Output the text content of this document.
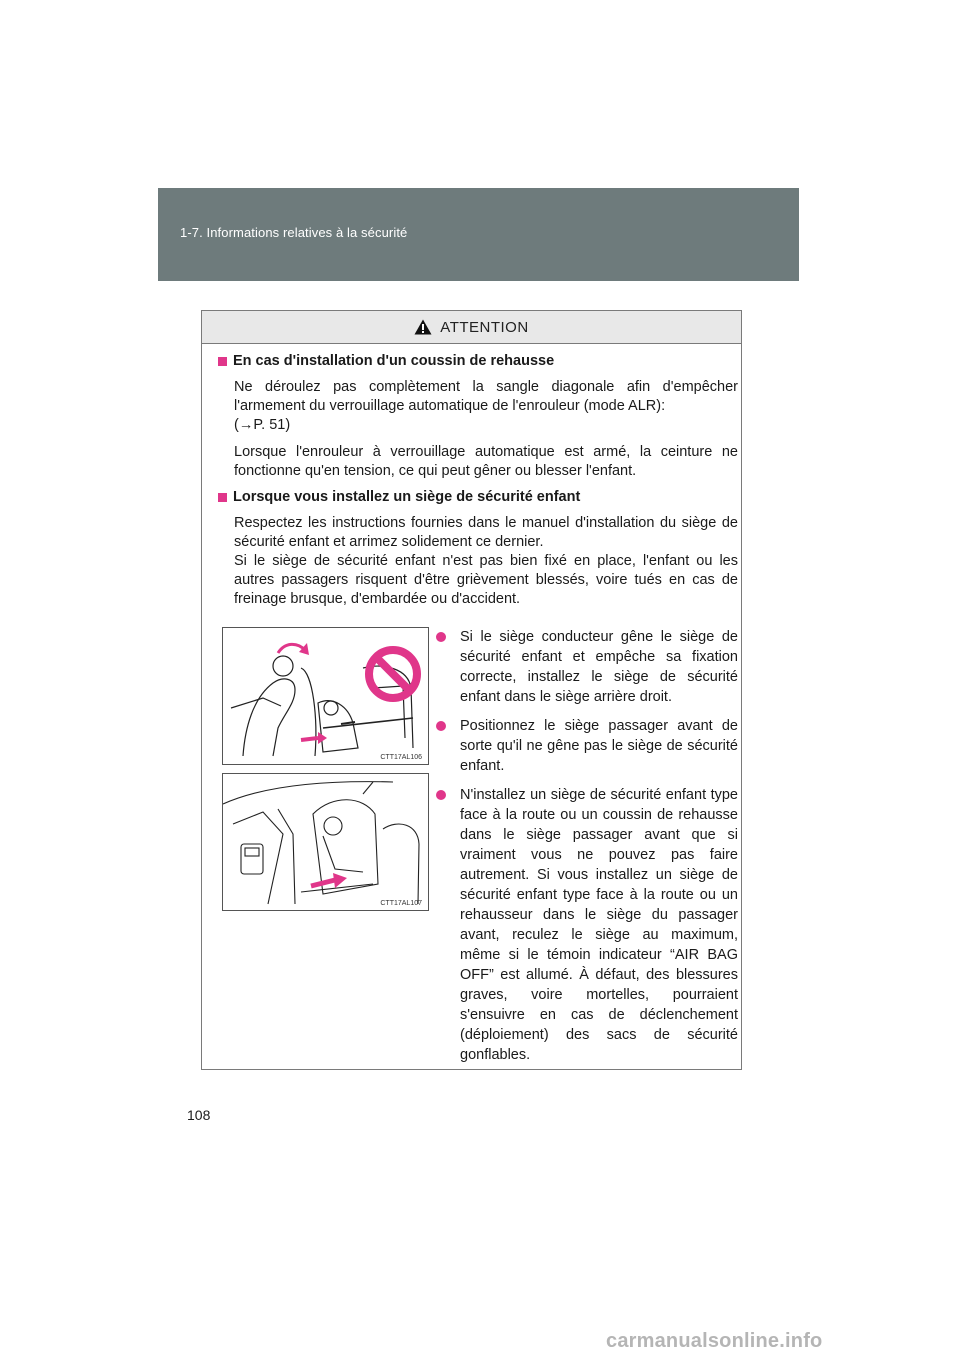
1-7. Informations relatives à la sécurité
ATTENTION
En cas d'installation d'un coussin de rehausse
Ne déroulez pas complètement la sangle diagonale afin d'empêcher l'armement du verrouillage automatique de l'enrouleur (mode ALR):
(→P. 51)
Lorsque l'enrouleur à verrouillage automatique est armé, la ceinture ne fonctionne qu'en tension, ce qui peut gêner ou blesser l'enfant.
Lorsque vous installez un siège de sécurité enfant
Respectez les instructions fournies dans le manuel d'installation du siège de sécurité enfant et arrimez solidement ce dernier.
Si le siège de sécurité enfant n'est pas bien fixé en place, l'enfant ou les autres passagers risquent d'être grièvement blessés, voire tués en cas de freinage brusque, d'embardée ou d'accident.
CTT17AL106
CTT17AL107
Si le siège conducteur gêne le siège de sécurité enfant et empêche sa fixation correcte, installez le siège de sécurité enfant dans le siège arrière droit.
Positionnez le siège passager avant de sorte qu'il ne gêne pas le siège de sécurité enfant.
N'installez un siège de sécurité enfant type face à la route ou un coussin de rehausse dans le siège passager avant que si vraiment vous ne pouvez pas faire autrement. Si vous installez un siège de sécurité enfant type face à la route ou un rehausseur dans le siège du passager avant, reculez le siège au maximum, même si le témoin indicateur “AIR BAG OFF” est allumé. À défaut, des blessures graves, voire mortelles, pourraient s'ensuivre en cas de déclenchement (déploiement) des sacs de sécurité gonflables.
108
carmanualsonline.info
